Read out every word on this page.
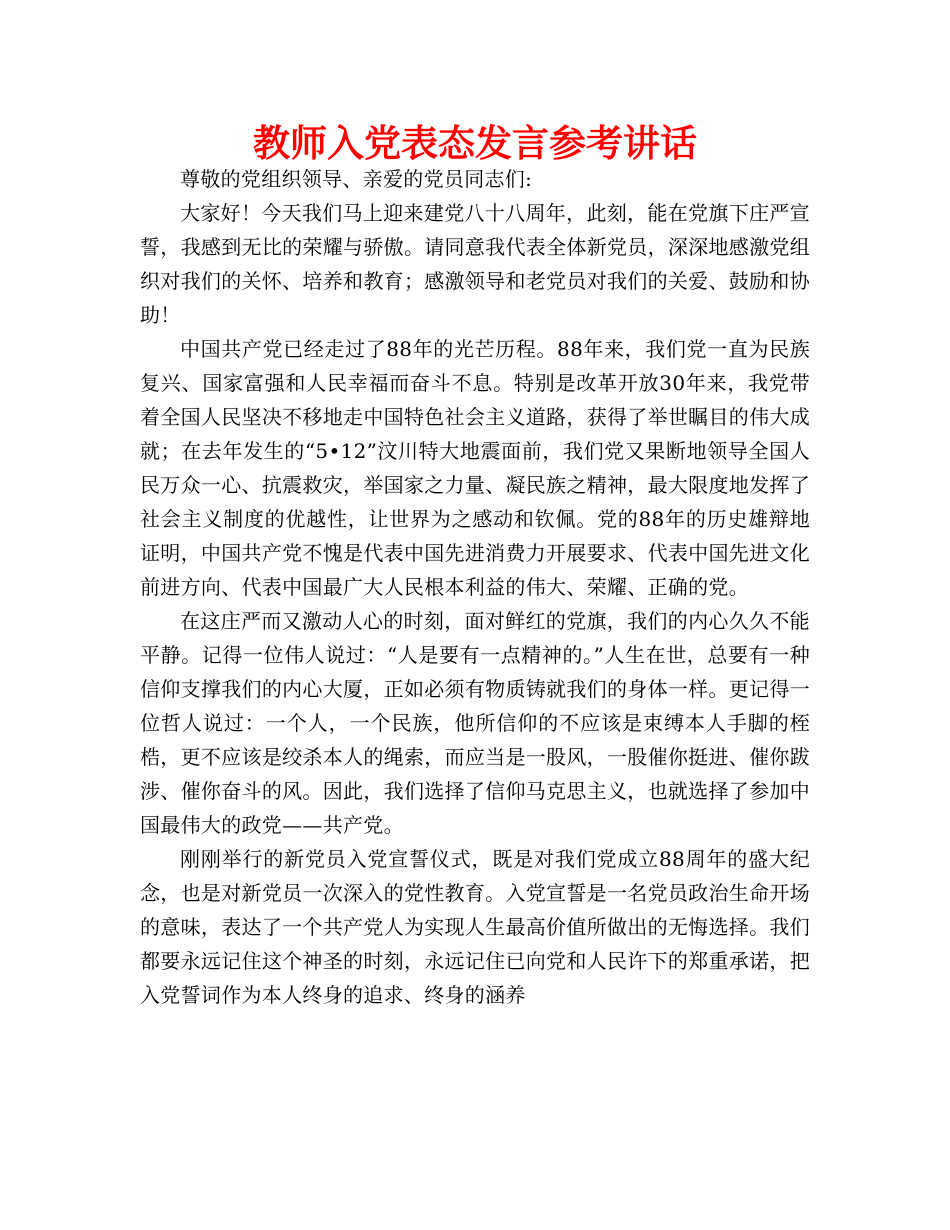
教师入党表态发言参考讲话

尊敬的党组织领导、亲爱的党员同志们:

大家好！今天我们马上迎来建党八十八周年，此刻，能在党旗下庄严宣誓，我感到无比的荣耀与骄傲。请同意我代表全体新党员，深深地感激党组织对我们的关怀、培养和教育；感激领导和老党员对我们的关爱、鼓励和协助！

中国共产党已经走过了88年的光芒历程。88年来，我们党一直为民族复兴、国家富强和人民幸福而奋斗不息。特别是改革开放30年来，我党带着全国人民坚决不移地走中国特色社会主义道路，获得了举世瞩目的伟大成就；在去年发生的“5•12”汶川特大地震面前，我们党又果断地领导全国人民万众一心、抗震救灾，举国家之力量、凝民族之精神，最大限度地发挥了社会主义制度的优越性，让世界为之感动和钦佩。党的88年的历史雄辩地证明，中国共产党不愧是代表中国先进消费力开展要求、代表中国先进文化前进方向、代表中国最广大人民根本利益的伟大、荣耀、正确的党。

在这庄严而又激动人心的时刻，面对鲜红的党旗，我们的内心久久不能平静。记得一位伟人说过：“人是要有一点精神的。”人生在世，总要有一种信仰支撑我们的内心大厦，正如必须有物质铸就我们的身体一样。更记得一位哲人说过：一个人，一个民族，他所信仰的不应该是束缚本人手脚的桎梏，更不应该是绞杀本人的绳索，而应当是一股风，一股催你挺进、催你跋涉、催你奋斗的风。因此，我们选择了信仰马克思主义，也就选择了参加中国最伟大的政党——共产党。

刚刚举行的新党员入党宣誓仪式，既是对我们党成立88周年的盛大纪念，也是对新党员一次深入的党性教育。入党宣誓是一名党员政治生命开场的意味，表达了一个共产党人为实现人生最高价值所做出的无悔选择。我们都要永远记住这个神圣的时刻，永远记住已向党和人民许下的郑重承诺，把入党誓词作为本人终身的追求、终身的涵养
